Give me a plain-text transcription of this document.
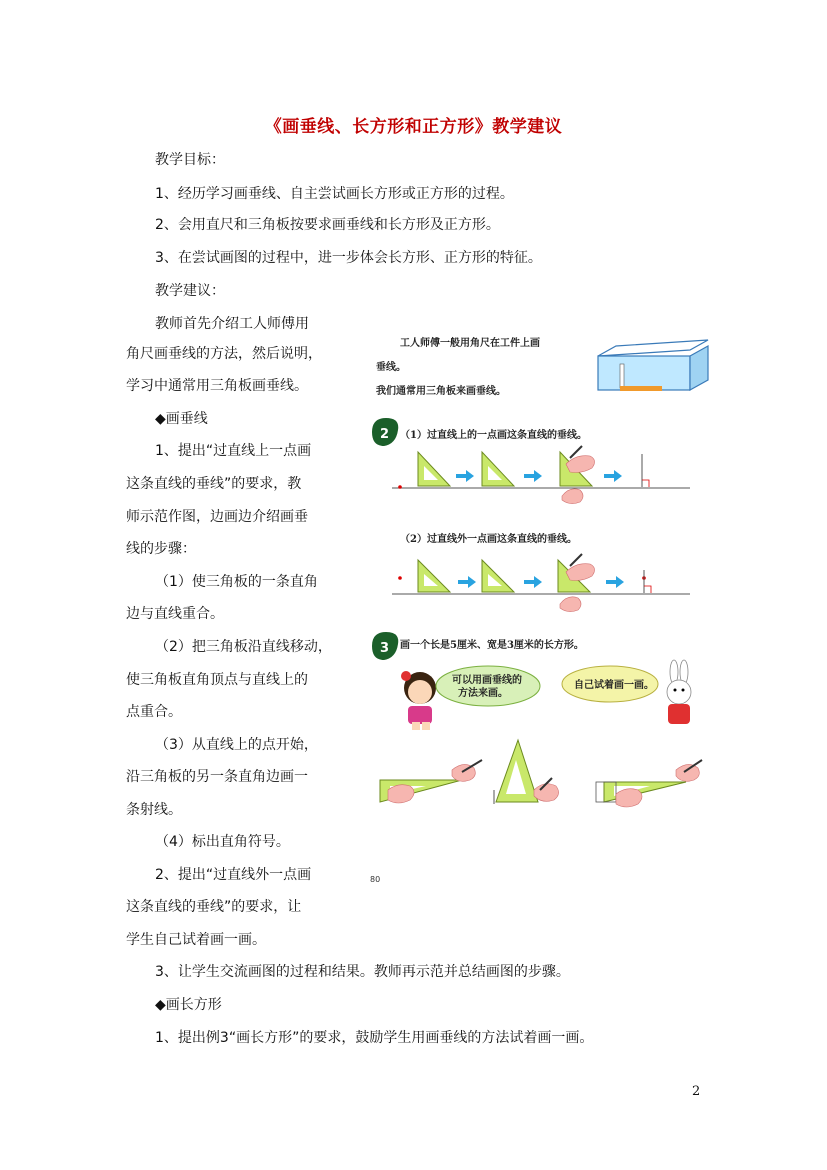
《画垂线、长方形和正方形》教学建议
教学目标：
1、经历学习画垂线、自主尝试画长方形或正方形的过程。
2、会用直尺和三角板按要求画垂线和长方形及正方形。
3、在尝试画图的过程中，进一步体会长方形、正方形的特征。
教学建议：
教师首先介绍工人师傅用
角尺画垂线的方法，然后说明，
学习中通常用三角板画垂线。
◆画垂线
1、提出“过直线上一点画
这条直线的垂线”的要求，教
师示范作图，边画边介绍画垂
线的步骤：
（1）使三角板的一条直角
边与直线重合。
（2）把三角板沿直线移动，
使三角板直角顶点与直线上的
点重合。
（3）从直线上的点开始，
沿三角板的另一条直角边画一
条射线。
（4）标出直角符号。
2、提出“过直线外一点画
这条直线的垂线”的要求，让
学生自己试着画一画。
3、让学生交流画图的过程和结果。教师再示范并总结画图的步骤。
◆画长方形
1、提出例3“画长方形”的要求，鼓励学生用画垂线的方法试着画一画。
工人师傅一般用角尺在工件上画
垂线。
我们通常用三角板来画垂线。
2 （1）过直线上的一点画这条直线的垂线。
（2）过直线外一点画这条直线的垂线。
3 画一个长是5厘米、宽是3厘米的长方形。
可以用画垂线的
方法来画。
自己试着画一画。
80
2
